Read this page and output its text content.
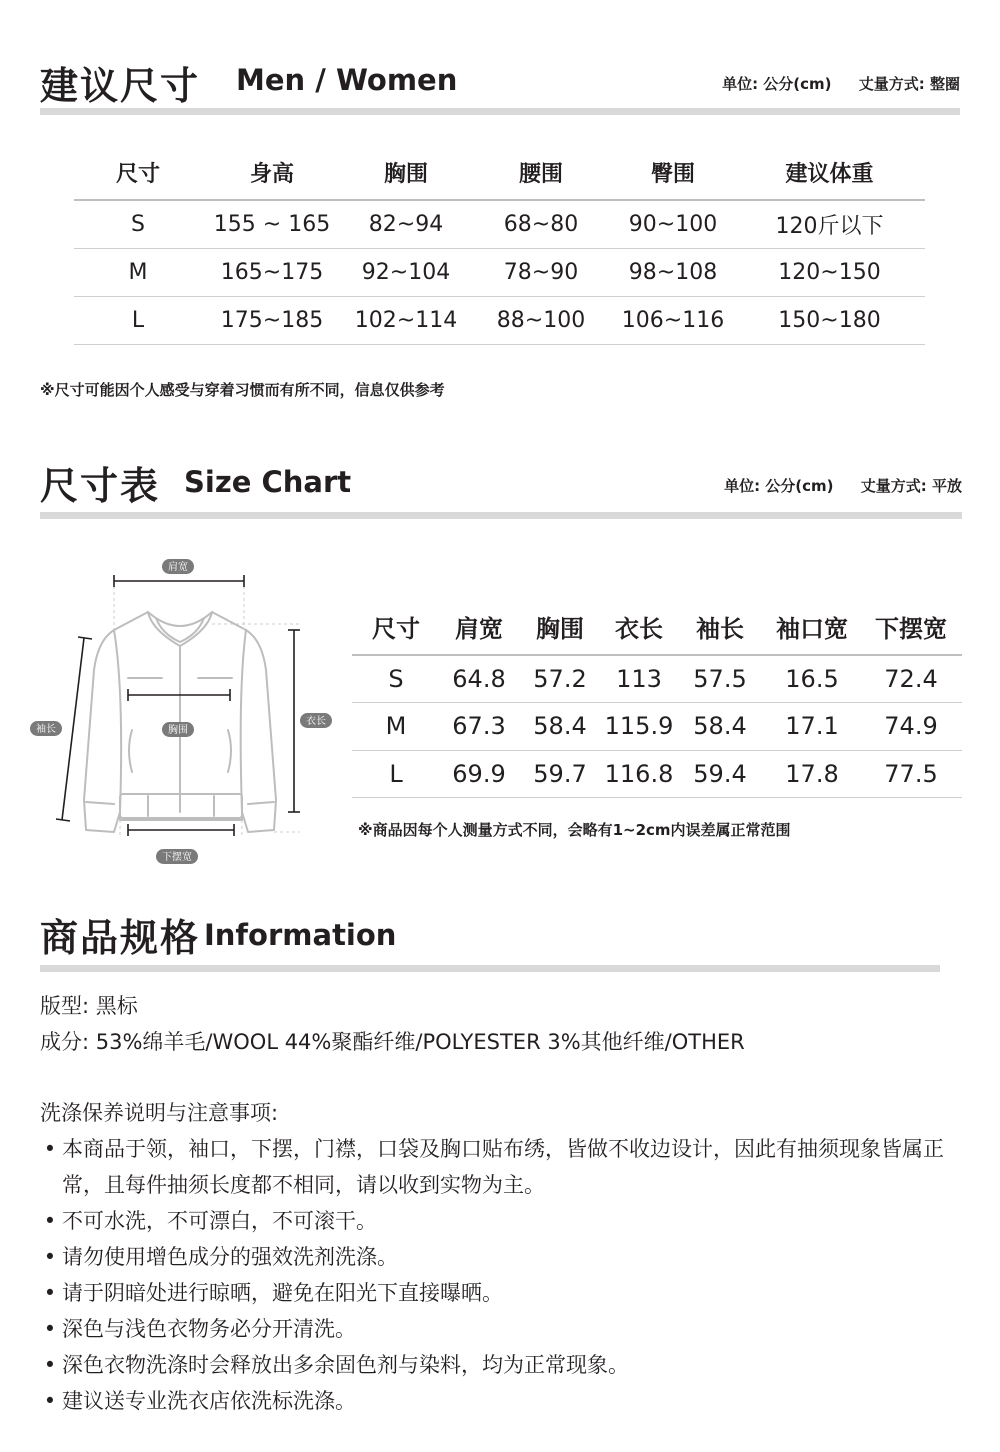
建议尺寸 Men / Women	单位: 公分(cm) 丈量方式: 整圈
尺寸	身高	胸围	腰围	臀围	建议体重
S	155 ~ 165	82~94	68~80	90~100	120斤以下
M	165~175	92~104	78~90	98~108	120~150
L	175~185	102~114	88~100	106~116	150~180
※尺寸可能因个人感受与穿着习惯而有所不同，信息仅供参考
尺寸表 Size Chart	单位: 公分(cm) 丈量方式: 平放
肩宽
胸围
袖长
衣长
下摆宽
尺寸	肩宽	胸围	衣长	袖长	袖口宽	下摆宽
S	64.8	57.2	113	57.5	16.5	72.4
M	67.3	58.4	115.9	58.4	17.1	74.9
L	69.9	59.7	116.8	59.4	17.8	77.5
※商品因每个人测量方式不同，会略有1~2cm内误差属正常范围
商品规格 Information
版型: 黑标
成分: 53%绵羊毛/WOOL 44%聚酯纤维/POLYESTER 3%其他纤维/OTHER
洗涤保养说明与注意事项:
• 本商品于领，袖口，下摆，门襟，口袋及胸口贴布绣，皆做不收边设计，因此有抽须现象皆属正常，且每件抽须长度都不相同，请以收到实物为主。
• 不可水洗，不可漂白，不可滚干。
• 请勿使用增色成分的强效洗剂洗涤。
• 请于阴暗处进行晾晒，避免在阳光下直接曝晒。
• 深色与浅色衣物务必分开清洗。
• 深色衣物洗涤时会释放出多余固色剂与染料，均为正常现象。
• 建议送专业洗衣店依洗标洗涤。
